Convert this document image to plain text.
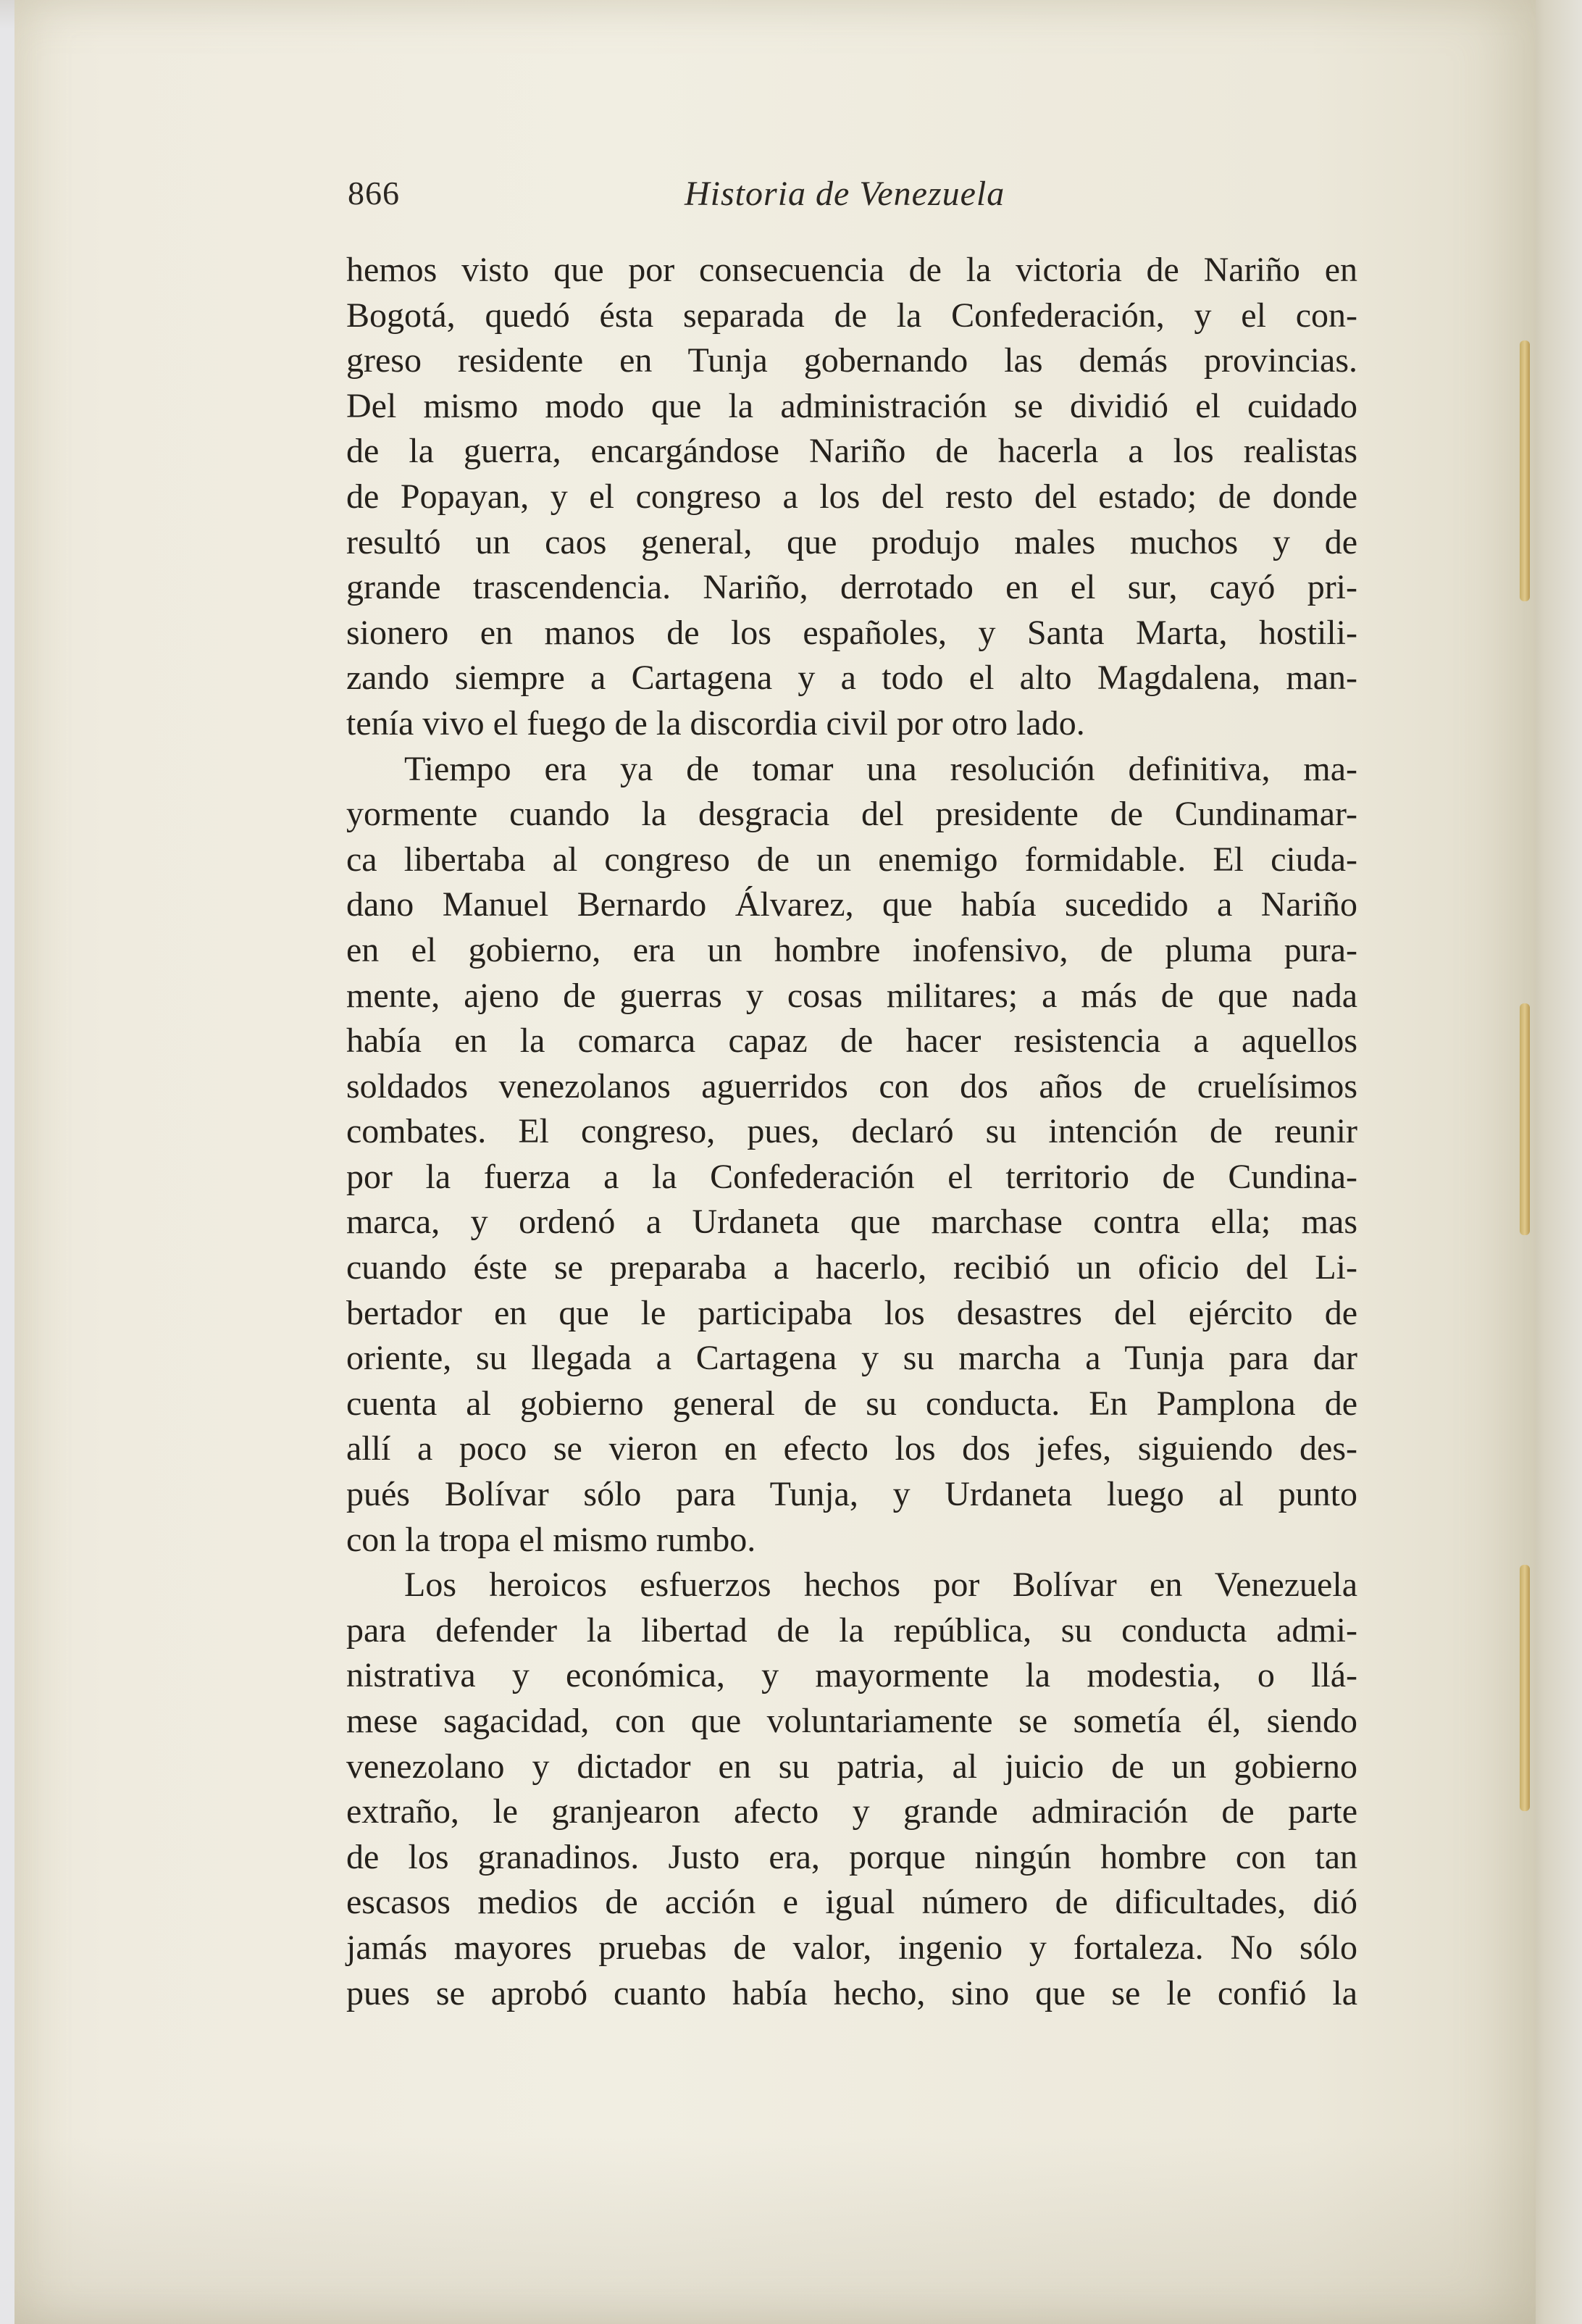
866	Historia de Venezuela
hemos visto que por consecuencia de la victoria de Nariño en
Bogotá, quedó ésta separada de la Confederación, y el con-
greso residente en Tunja gobernando las demás provincias.
Del mismo modo que la administración se dividió el cuidado
de la guerra, encargándose Nariño de hacerla a los realistas
de Popayan, y el congreso a los del resto del estado; de donde
resultó un caos general, que produjo males muchos y de
grande trascendencia. Nariño, derrotado en el sur, cayó pri-
sionero en manos de los españoles, y Santa Marta, hostili-
zando siempre a Cartagena y a todo el alto Magdalena, man-
tenía vivo el fuego de la discordia civil por otro lado.
Tiempo era ya de tomar una resolución definitiva, ma-
yormente cuando la desgracia del presidente de Cundinamar-
ca libertaba al congreso de un enemigo formidable. El ciuda-
dano Manuel Bernardo Álvarez, que había sucedido a Nariño
en el gobierno, era un hombre inofensivo, de pluma pura-
mente, ajeno de guerras y cosas militares; a más de que nada
había en la comarca capaz de hacer resistencia a aquellos
soldados venezolanos aguerridos con dos años de cruelísimos
combates. El congreso, pues, declaró su intención de reunir
por la fuerza a la Confederación el territorio de Cundina-
marca, y ordenó a Urdaneta que marchase contra ella; mas
cuando éste se preparaba a hacerlo, recibió un oficio del Li-
bertador en que le participaba los desastres del ejército de
oriente, su llegada a Cartagena y su marcha a Tunja para dar
cuenta al gobierno general de su conducta. En Pamplona de
allí a poco se vieron en efecto los dos jefes, siguiendo des-
pués Bolívar sólo para Tunja, y Urdaneta luego al punto
con la tropa el mismo rumbo.
Los heroicos esfuerzos hechos por Bolívar en Venezuela
para defender la libertad de la república, su conducta admi-
nistrativa y económica, y mayormente la modestia, o llá-
mese sagacidad, con que voluntariamente se sometía él, siendo
venezolano y dictador en su patria, al juicio de un gobierno
extraño, le granjearon afecto y grande admiración de parte
de los granadinos. Justo era, porque ningún hombre con tan
escasos medios de acción e igual número de dificultades, dió
jamás mayores pruebas de valor, ingenio y fortaleza. No sólo
pues se aprobó cuanto había hecho, sino que se le confió la
